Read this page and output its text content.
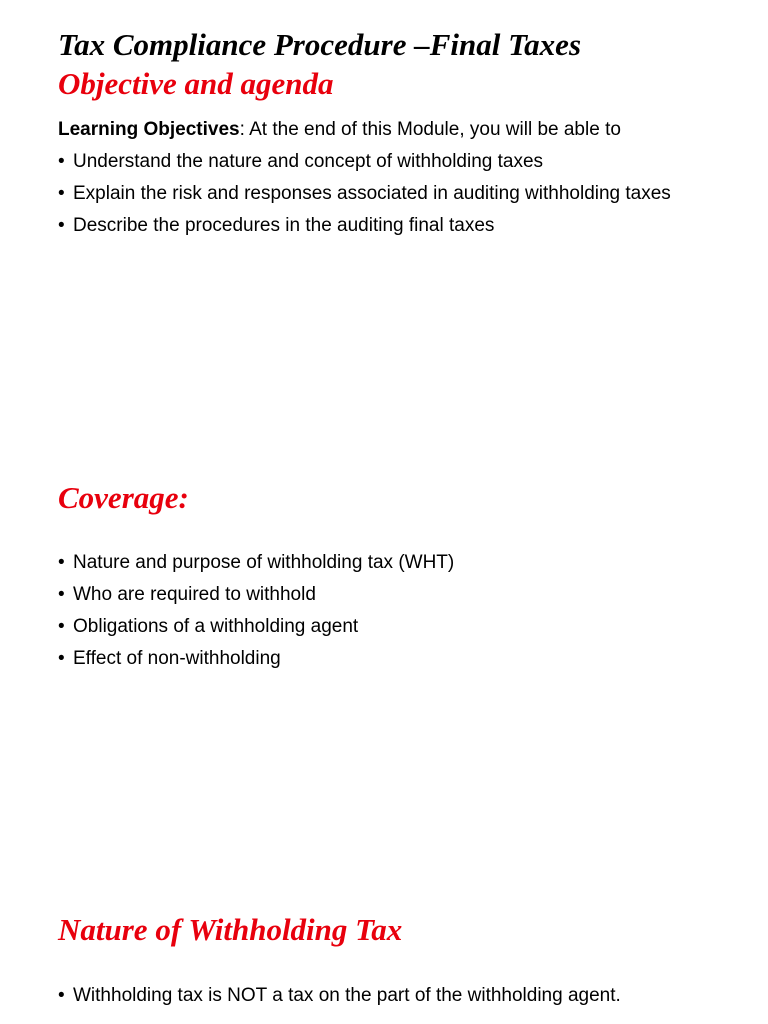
Tax Compliance Procedure –Final Taxes
Objective and agenda

Learning Objectives: At the end of this Module, you will be able to

• Understand the nature and concept of withholding taxes
• Explain the risk and responses associated in auditing withholding taxes
• Describe the procedures in the auditing final taxes
Coverage:
• Nature and purpose of withholding tax (WHT)
• Who are required to withhold
• Obligations of a withholding agent
• Effect of non-withholding
Nature of Withholding Tax
• Withholding tax is NOT a tax on the part of the withholding agent.
